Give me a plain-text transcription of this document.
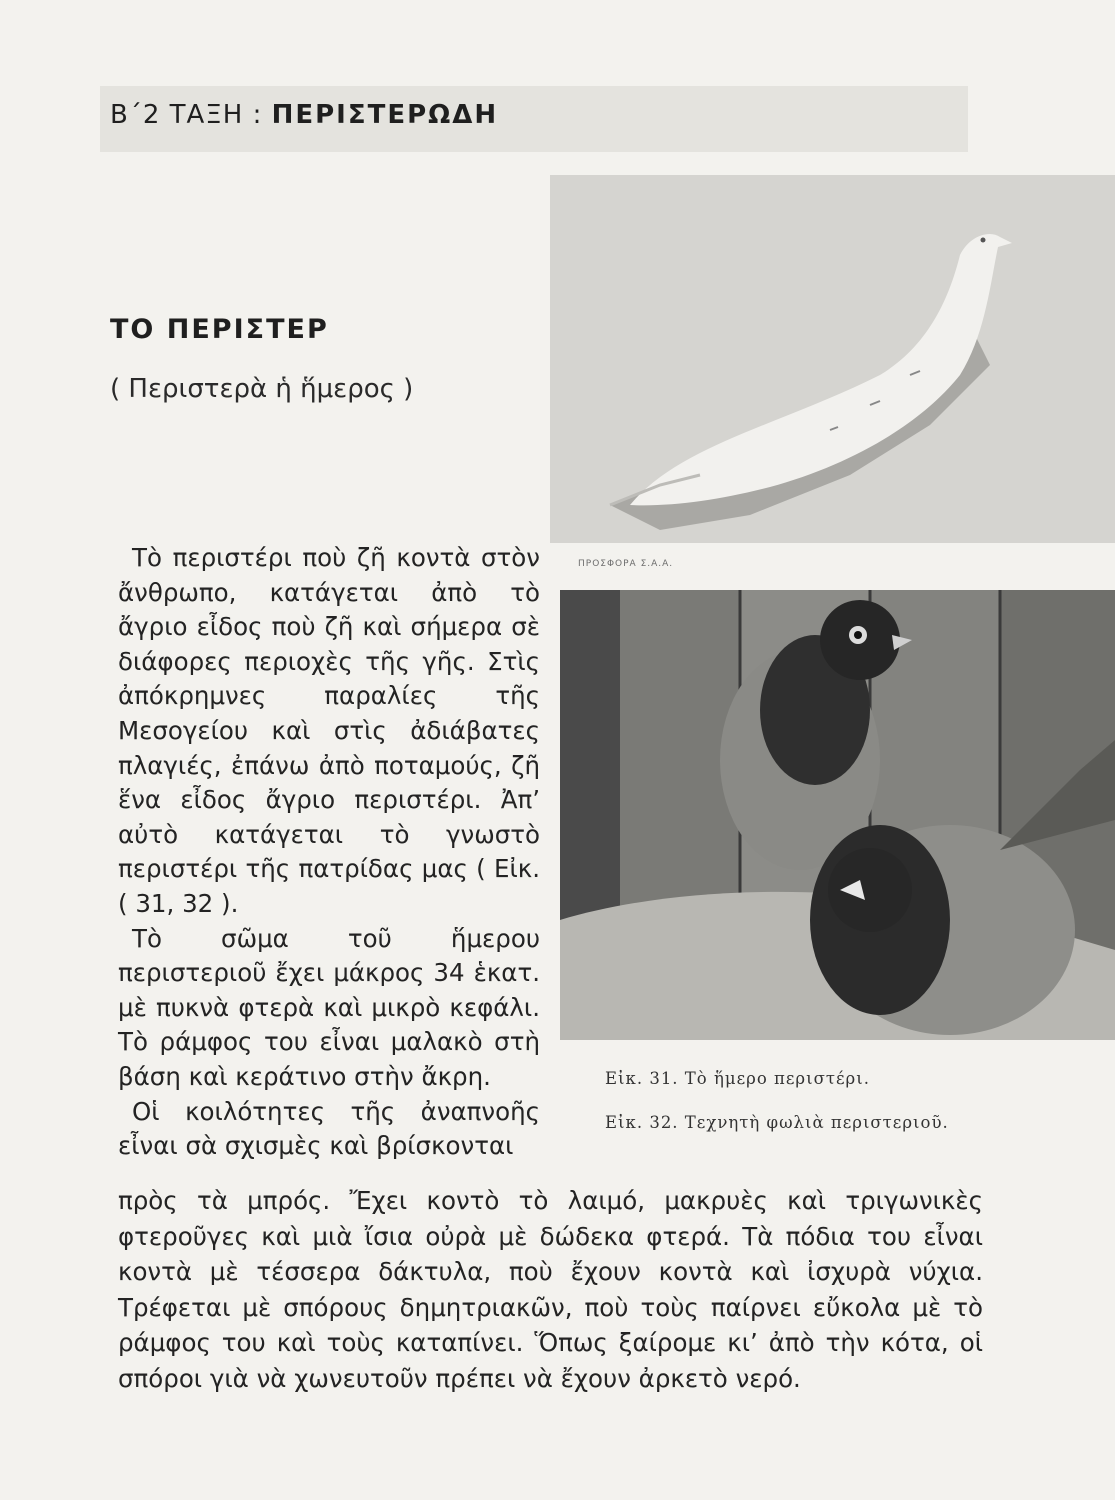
Β΄2 ΤΑΞΗ : ΠΕΡΙΣΤΕΡΩΔΗ
ΤΟ ΠΕΡΙΣΤΕΡ
( Περιστερὰ ἡ ἥμερος )
ΠΡΟΣΦΟΡΑ Σ.Α.Α.
Εἰκ. 31. Τὸ ἥμερο περιστέρι.
Εἰκ. 32. Τεχνητὴ φωλιὰ περιστεριοῦ.

Τὸ περιστέρι ποὺ ζῆ κοντὰ στὸν ἄνθρωπο, κατάγεται ἀπὸ τὸ ἄγριο εἶδος ποὺ ζῆ καὶ σήμερα σὲ διάφορες περιοχὲς τῆς γῆς. Στὶς ἀπόκρημνες παραλίες τῆς Μεσογείου καὶ στὶς ἀδιάβατες πλαγιές, ἐπάνω ἀπὸ ποταμούς, ζῆ ἕνα εἶδος ἄγριο περιστέρι. Ἀπ’ αὐτὸ κατάγεται τὸ γνωστὸ περιστέρι τῆς πατρίδας μας ( Εἰκ. ( 31, 32 ).

Τὸ σῶμα τοῦ ἥμερου περιστεριοῦ ἔχει μάκρος 34 ἑκατ. μὲ πυκνὰ φτερὰ καὶ μικρὸ κεφάλι. Τὸ ράμφος του εἶναι μαλακὸ στὴ βάση καὶ κεράτινο στὴν ἄκρη.

Οἱ κοιλότητες τῆς ἀναπνοῆς εἶναι σὰ σχισμὲς καὶ βρίσκονται

πρὸς τὰ μπρός. Ἔχει κοντὸ τὸ λαιμό, μακρυὲς καὶ τριγωνικὲς φτεροῦγες καὶ μιὰ ἴσια οὐρὰ μὲ δώδεκα φτερά. Τὰ πόδια του εἶναι κοντὰ μὲ τέσσερα δάκτυλα, ποὺ ἔχουν κοντὰ καὶ ἰσχυρὰ νύχια. Τρέφεται μὲ σπόρους δημητριακῶν, ποὺ τοὺς παίρνει εὔκολα μὲ τὸ ράμφος του καὶ τοὺς καταπίνει. Ὅπως ξαίρομε κι’ ἀπὸ τὴν κότα, οἱ σπόροι γιὰ νὰ χωνευτοῦν πρέπει νὰ ἔχουν ἀρκετὸ νερό.
